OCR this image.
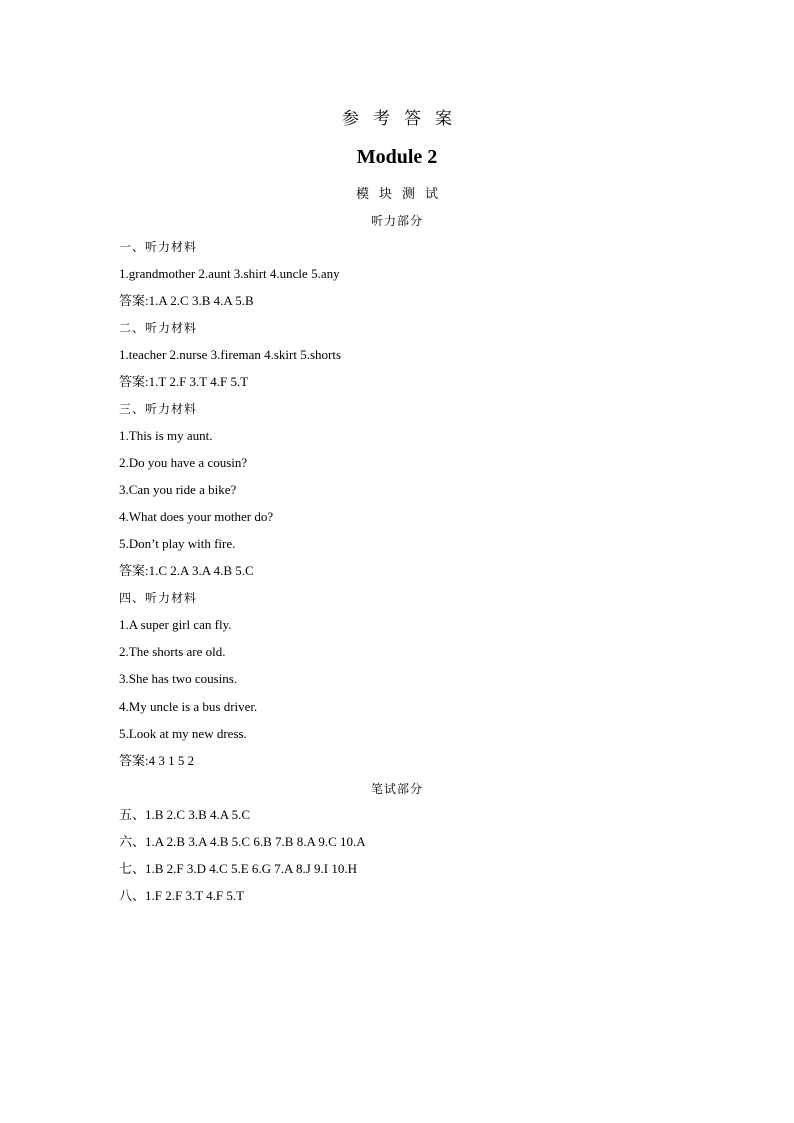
参考答案
Module 2
模块测试
听力部分
一、听力材料
1.grandmother 2.aunt 3.shirt 4.uncle 5.any
答案:1.A 2.C 3.B 4.A 5.B
二、听力材料
1.teacher 2.nurse 3.fireman 4.skirt 5.shorts
答案:1.T 2.F 3.T 4.F 5.T
三、听力材料
1.This is my aunt.
2.Do you have a cousin?
3.Can you ride a bike?
4.What does your mother do?
5.Don’t play with fire.
答案:1.C 2.A 3.A 4.B 5.C
四、听力材料
1.A super girl can fly.
2.The shorts are old.
3.She has two cousins.
4.My uncle is a bus driver.
5.Look at my new dress.
答案:4 3 1 5 2
笔试部分
五、1.B 2.C 3.B 4.A 5.C
六、1.A 2.B 3.A 4.B 5.C 6.B 7.B 8.A 9.C 10.A
七、1.B 2.F 3.D 4.C 5.E 6.G 7.A 8.J 9.I 10.H
八、1.F 2.F 3.T 4.F 5.T
